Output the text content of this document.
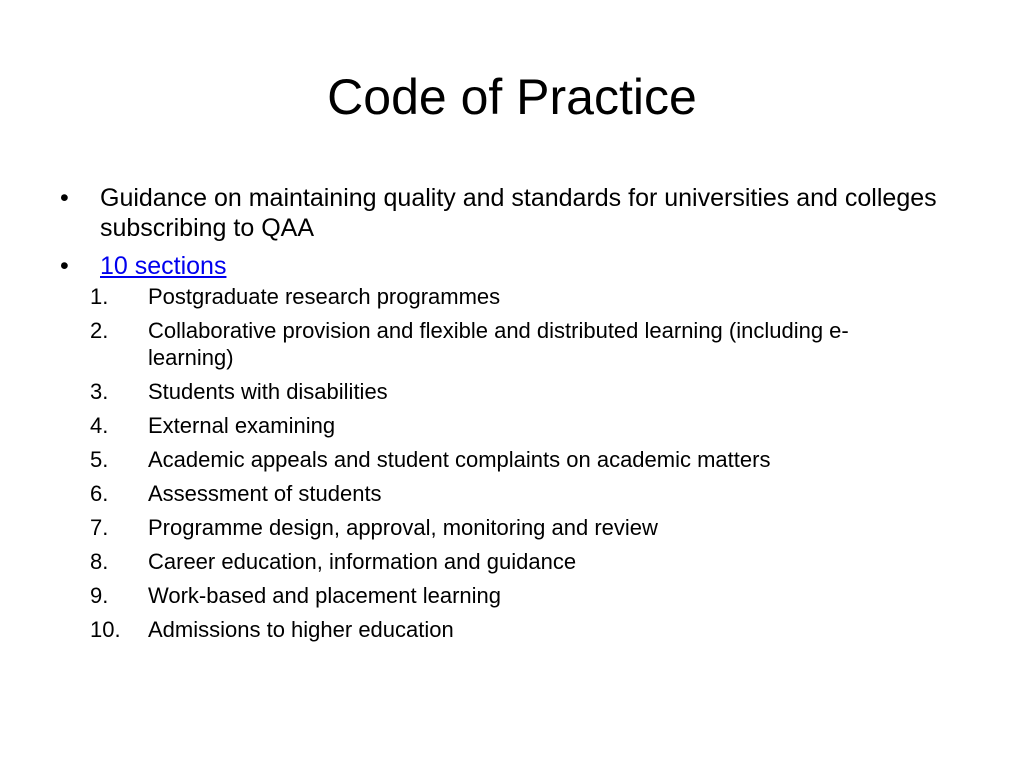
Code of Practice
• Guidance on maintaining quality and standards for universities and colleges subscribing to QAA
• 10 sections
1. Postgraduate research programmes
2. Collaborative provision and flexible and distributed learning (including e-learning)
3. Students with disabilities
4. External examining
5. Academic appeals and student complaints on academic matters
6. Assessment of students
7. Programme design, approval, monitoring and review
8. Career education, information and guidance
9. Work-based and placement learning
10. Admissions to higher education
